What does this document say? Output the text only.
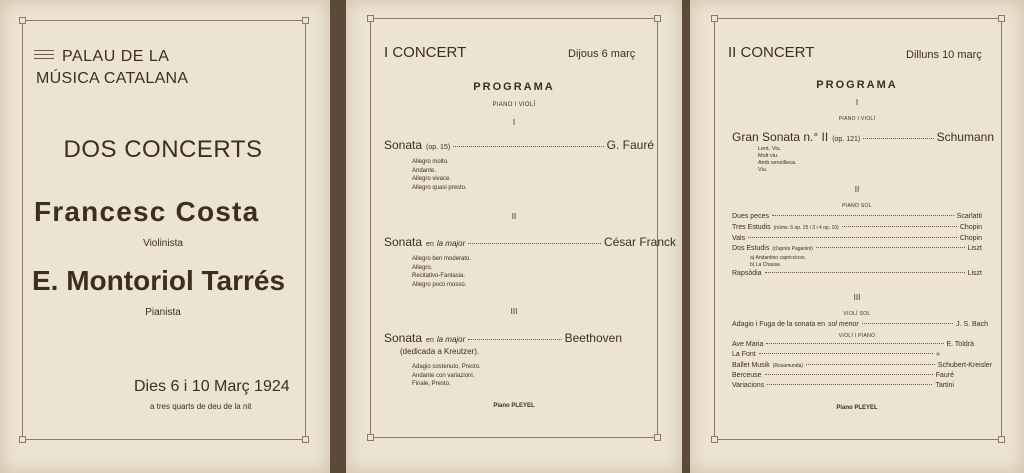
PALAU DE LA
MÚSICA CATALANA
DOS CONCERTS
Francesc Costa
Violinista
E. Montoriol Tarrés
Pianista
Dies 6 i 10 Març 1924
a tres quarts de deu de la nit
I CONCERT	Dijous 6 març
PROGRAMA
PIANO I VIOLÍ
I
Sonata (op. 15)	G. Fauré
Allegro molto.
Andante.
Allegro vivace.
Allegro quasi presto.
II
Sonata en la major	César Franck
Allegro ben moderato.
Allegro.
Recitativo-Fantasia.
Allegro poco mosso.
III
Sonata en la major	Beethoven
(dedicada a Kreutzer).
Adagio sostenuto, Presto.
Andante con variazioni.
Finale, Presto.
Piano PLEYEL
II CONCERT	Dilluns 10 març
PROGRAMA
I
PIANO I VIOLÍ
Gran Sonata n.° II (op. 121)	Schumann
Lent. Viu.
Molt viu.
Amb senzillesa.
Viu.
II
PIANO SOL
Dues peces	Scarlatti
Tres Estudis (núms. 6 op. 25 i 3 i 4 op. 10)	Chopin
Vals	Chopin
Dos Estudis (d'après Paganini)	Liszt
a) Andantino capriccioso.
b) La Chasse.
Rapsòdia	Liszt
III
VIOLÍ SOL
Adagio i Fuga de la sonata en sol menor	J. S. Bach
VIOLÍ I PIANO
Ave Maria	E. Toldrà
La Font	»
Ballet Musik (Rosamunda)	Schubert-Kreisler
Berceuse	Fauré
Variacions	Tartini
Piano PLEYEL
